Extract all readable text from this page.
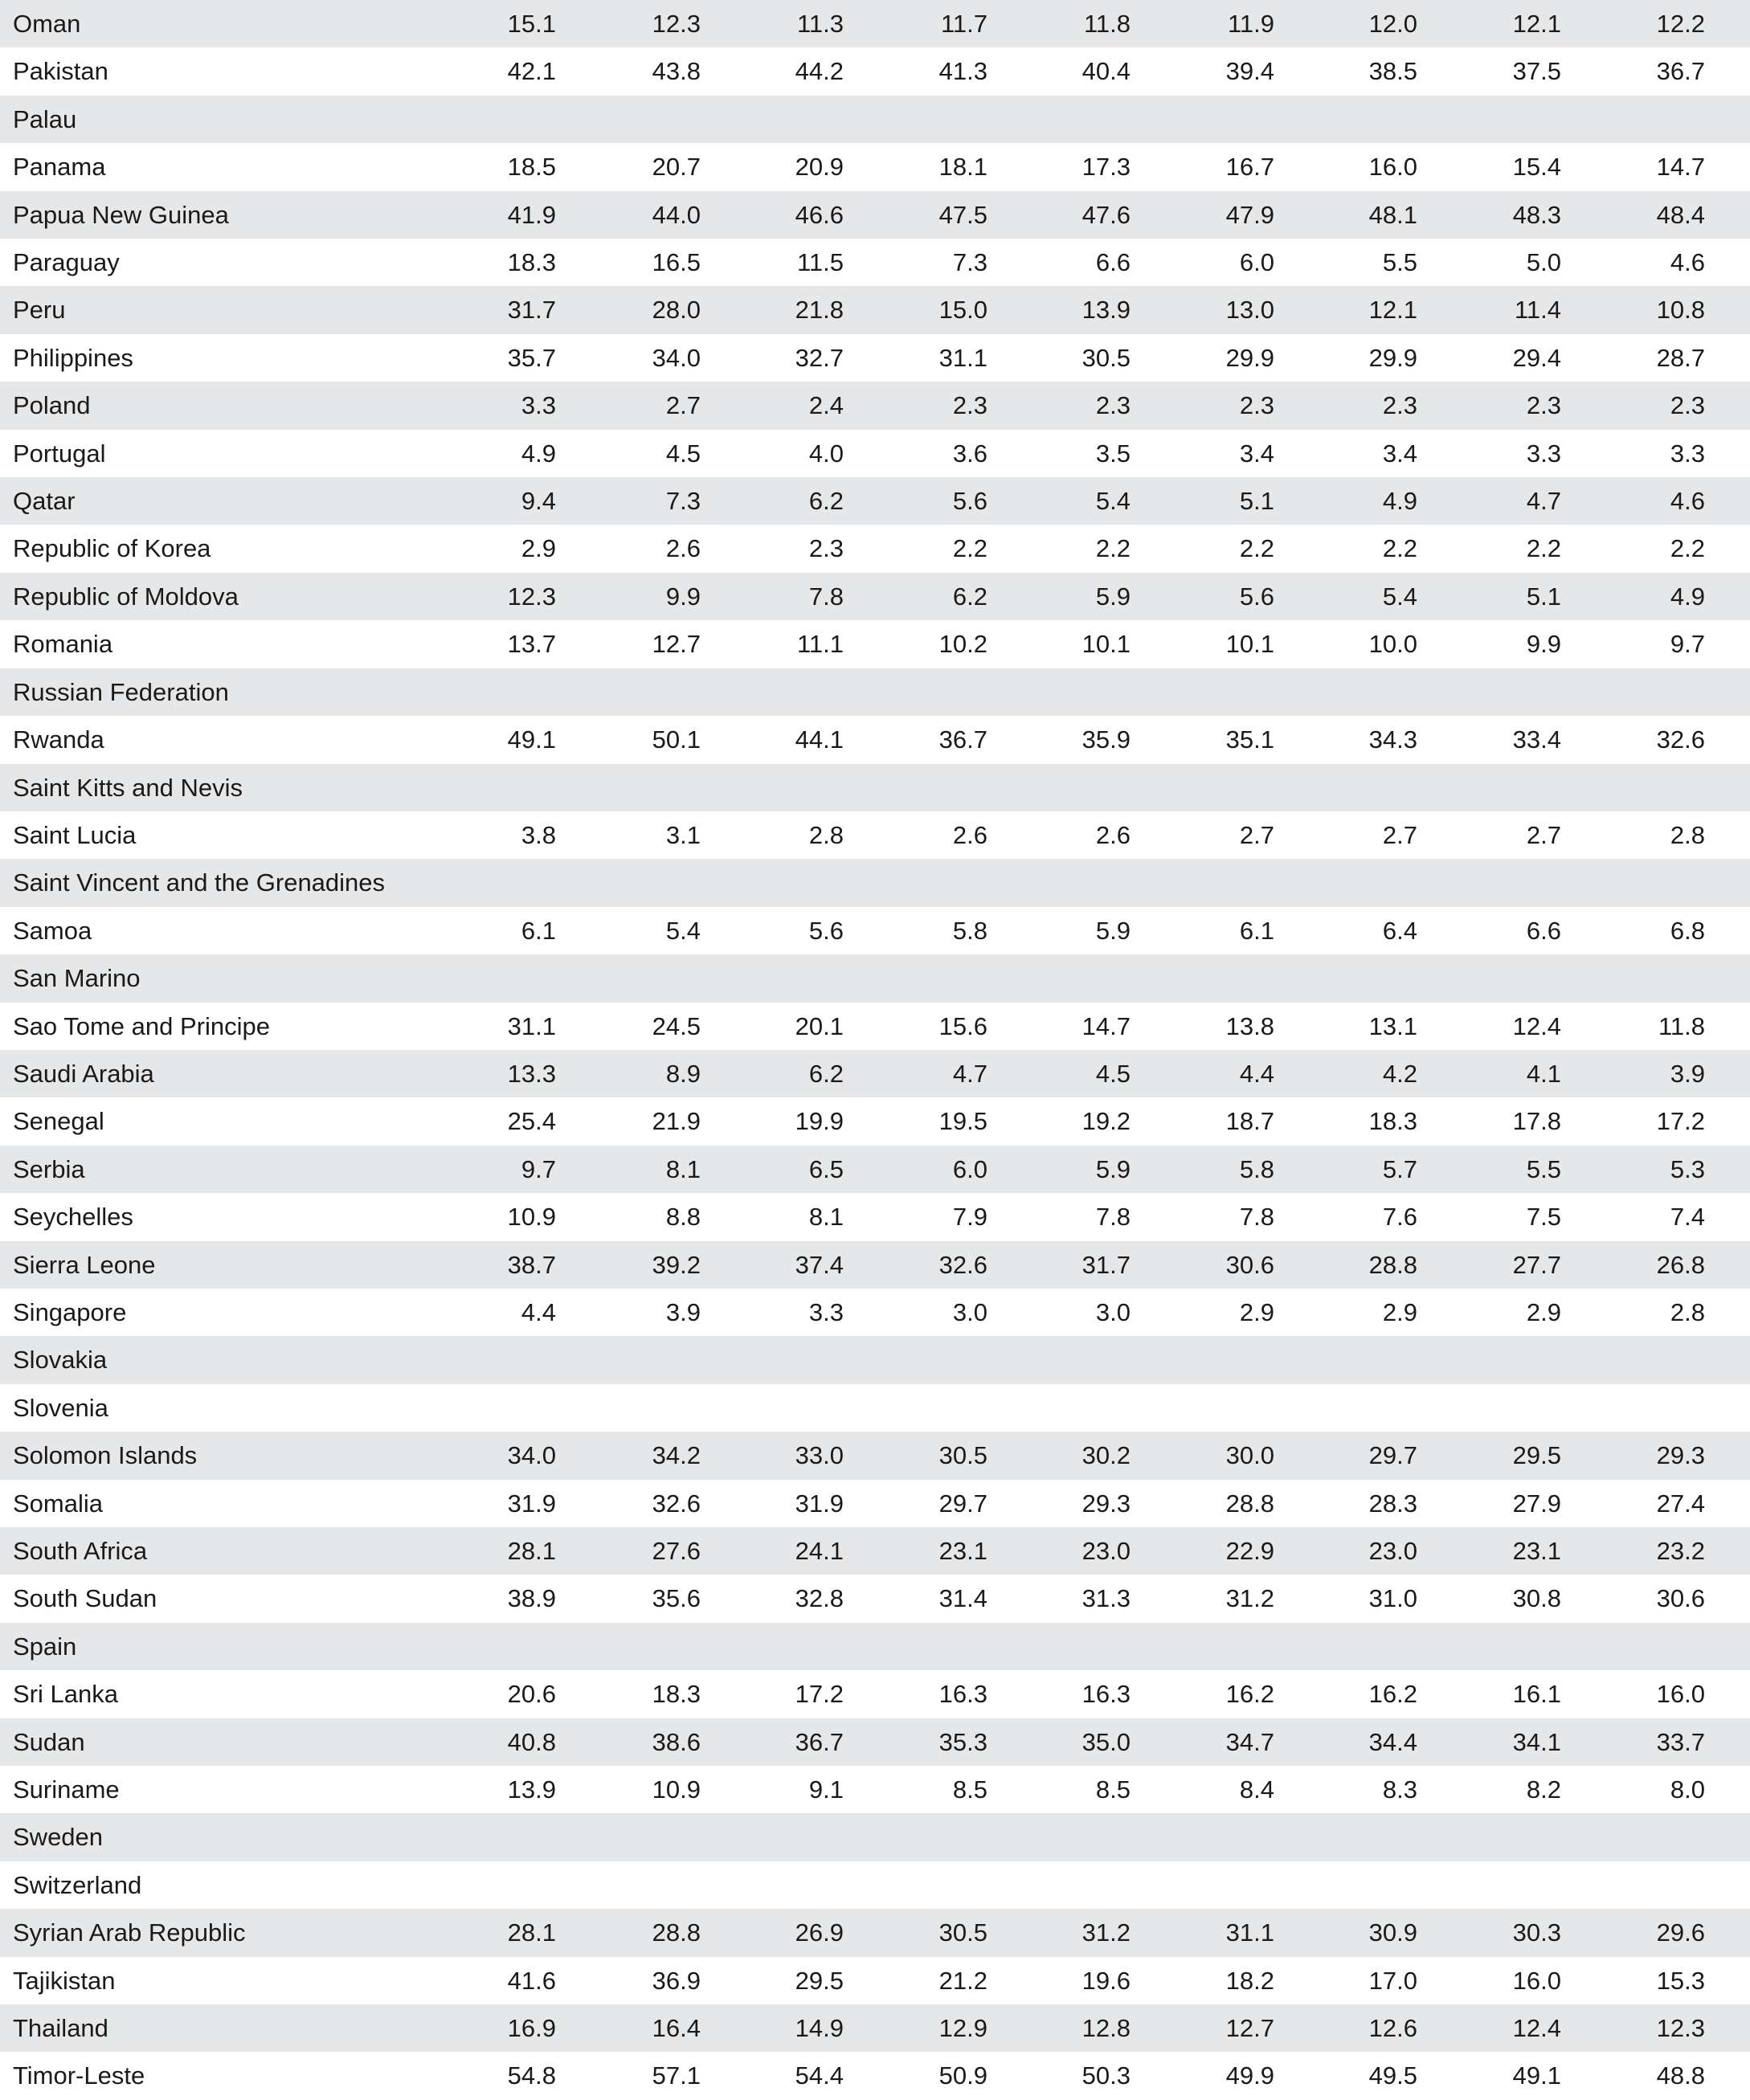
Oman	15.1	12.3	11.3	11.7	11.8	11.9	12.0	12.1	12.2	
Pakistan	42.1	43.8	44.2	41.3	40.4	39.4	38.5	37.5	36.7	
Palau										
Panama	18.5	20.7	20.9	18.1	17.3	16.7	16.0	15.4	14.7	
Papua New Guinea	41.9	44.0	46.6	47.5	47.6	47.9	48.1	48.3	48.4	
Paraguay	18.3	16.5	11.5	7.3	6.6	6.0	5.5	5.0	4.6	
Peru	31.7	28.0	21.8	15.0	13.9	13.0	12.1	11.4	10.8	
Philippines	35.7	34.0	32.7	31.1	30.5	29.9	29.9	29.4	28.7	
Poland	3.3	2.7	2.4	2.3	2.3	2.3	2.3	2.3	2.3	
Portugal	4.9	4.5	4.0	3.6	3.5	3.4	3.4	3.3	3.3	
Qatar	9.4	7.3	6.2	5.6	5.4	5.1	4.9	4.7	4.6	
Republic of Korea	2.9	2.6	2.3	2.2	2.2	2.2	2.2	2.2	2.2	
Republic of Moldova	12.3	9.9	7.8	6.2	5.9	5.6	5.4	5.1	4.9	
Romania	13.7	12.7	11.1	10.2	10.1	10.1	10.0	9.9	9.7	
Russian Federation										
Rwanda	49.1	50.1	44.1	36.7	35.9	35.1	34.3	33.4	32.6	
Saint Kitts and Nevis										
Saint Lucia	3.8	3.1	2.8	2.6	2.6	2.7	2.7	2.7	2.8	
Saint Vincent and the Grenadines										
Samoa	6.1	5.4	5.6	5.8	5.9	6.1	6.4	6.6	6.8	
San Marino										
Sao Tome and Principe	31.1	24.5	20.1	15.6	14.7	13.8	13.1	12.4	11.8	
Saudi Arabia	13.3	8.9	6.2	4.7	4.5	4.4	4.2	4.1	3.9	
Senegal	25.4	21.9	19.9	19.5	19.2	18.7	18.3	17.8	17.2	
Serbia	9.7	8.1	6.5	6.0	5.9	5.8	5.7	5.5	5.3	
Seychelles	10.9	8.8	8.1	7.9	7.8	7.8	7.6	7.5	7.4	
Sierra Leone	38.7	39.2	37.4	32.6	31.7	30.6	28.8	27.7	26.8	
Singapore	4.4	3.9	3.3	3.0	3.0	2.9	2.9	2.9	2.8	
Slovakia										
Slovenia										
Solomon Islands	34.0	34.2	33.0	30.5	30.2	30.0	29.7	29.5	29.3	
Somalia	31.9	32.6	31.9	29.7	29.3	28.8	28.3	27.9	27.4	
South Africa	28.1	27.6	24.1	23.1	23.0	22.9	23.0	23.1	23.2	
South Sudan	38.9	35.6	32.8	31.4	31.3	31.2	31.0	30.8	30.6	
Spain										
Sri Lanka	20.6	18.3	17.2	16.3	16.3	16.2	16.2	16.1	16.0	
Sudan	40.8	38.6	36.7	35.3	35.0	34.7	34.4	34.1	33.7	
Suriname	13.9	10.9	9.1	8.5	8.5	8.4	8.3	8.2	8.0	
Sweden										
Switzerland										
Syrian Arab Republic	28.1	28.8	26.9	30.5	31.2	31.1	30.9	30.3	29.6	
Tajikistan	41.6	36.9	29.5	21.2	19.6	18.2	17.0	16.0	15.3	
Thailand	16.9	16.4	14.9	12.9	12.8	12.7	12.6	12.4	12.3	
Timor-Leste	54.8	57.1	54.4	50.9	50.3	49.9	49.5	49.1	48.8	
